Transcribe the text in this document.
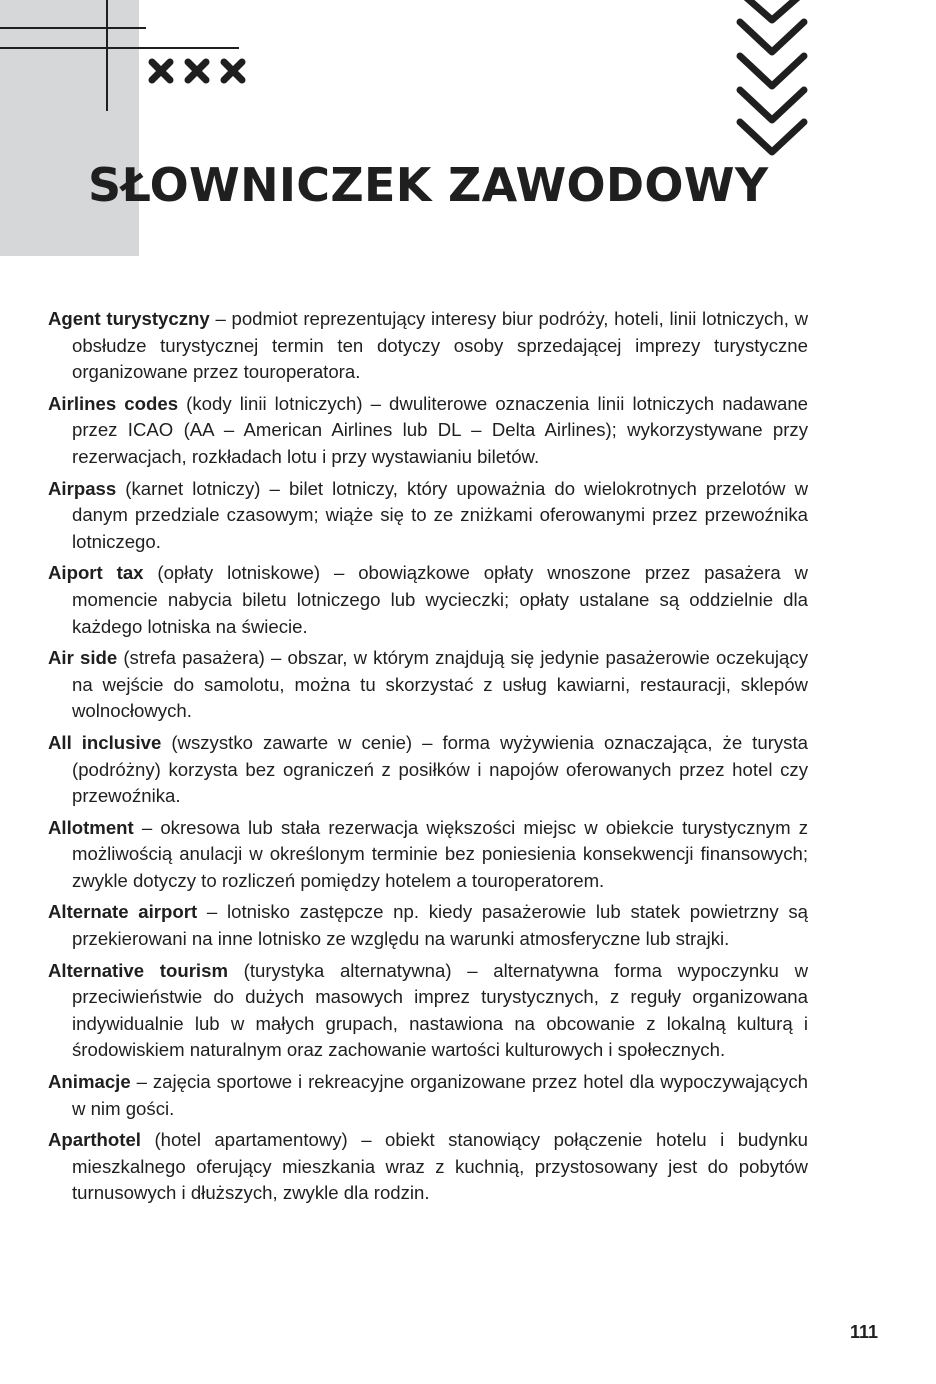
SŁOWNICZEK ZAWODOWY
Agent turystyczny – podmiot reprezentujący interesy biur podróży, hoteli, linii lotniczych, w obsłudze turystycznej termin ten dotyczy osoby sprzedającej imprezy turystyczne organizowane przez touroperatora.
Airlines codes (kody linii lotniczych) – dwuliterowe oznaczenia linii lotniczych nadawane przez ICAO (AA – American Airlines lub DL – Delta Airlines); wykorzystywane przy rezerwacjach, rozkładach lotu i przy wystawianiu biletów.
Airpass (karnet lotniczy) – bilet lotniczy, który upoważnia do wielokrotnych przelotów w danym przedziale czasowym; wiąże się to ze zniżkami oferowanymi przez przewoźnika lotniczego.
Aiport tax (opłaty lotniskowe) – obowiązkowe opłaty wnoszone przez pasażera w momencie nabycia biletu lotniczego lub wycieczki; opłaty ustalane są oddzielnie dla każdego lotniska na świecie.
Air side (strefa pasażera) – obszar, w którym znajdują się jedynie pasażerowie oczekujący na wejście do samolotu, można tu skorzystać z usług kawiarni, restauracji, sklepów wolnocłowych.
All inclusive (wszystko zawarte w cenie) – forma wyżywienia oznaczająca, że turysta (podróżny) korzysta bez ograniczeń z posiłków i napojów oferowanych przez hotel czy przewoźnika.
Allotment – okresowa lub stała rezerwacja większości miejsc w obiekcie turystycznym z możliwością anulacji w określonym terminie bez poniesienia konsekwencji finansowych; zwykle dotyczy to rozliczeń pomiędzy hotelem a touroperatorem.
Alternate airport – lotnisko zastępcze np. kiedy pasażerowie lub statek powietrzny są przekierowani na inne lotnisko ze względu na warunki atmosferyczne lub strajki.
Alternative tourism (turystyka alternatywna) – alternatywna forma wypoczynku w przeciwieństwie do dużych masowych imprez turystycznych, z reguły organizowana indywidualnie lub w małych grupach, nastawiona na obcowanie z lokalną kulturą i środowiskiem naturalnym oraz zachowanie wartości kulturowych i społecznych.
Animacje – zajęcia sportowe i rekreacyjne organizowane przez hotel dla wypoczywających w nim gości.
Aparthotel (hotel apartamentowy) – obiekt stanowiący połączenie hotelu i budynku mieszkalnego oferujący mieszkania wraz z kuchnią, przystosowany jest do pobytów turnusowych i dłuższych, zwykle dla rodzin.
111
